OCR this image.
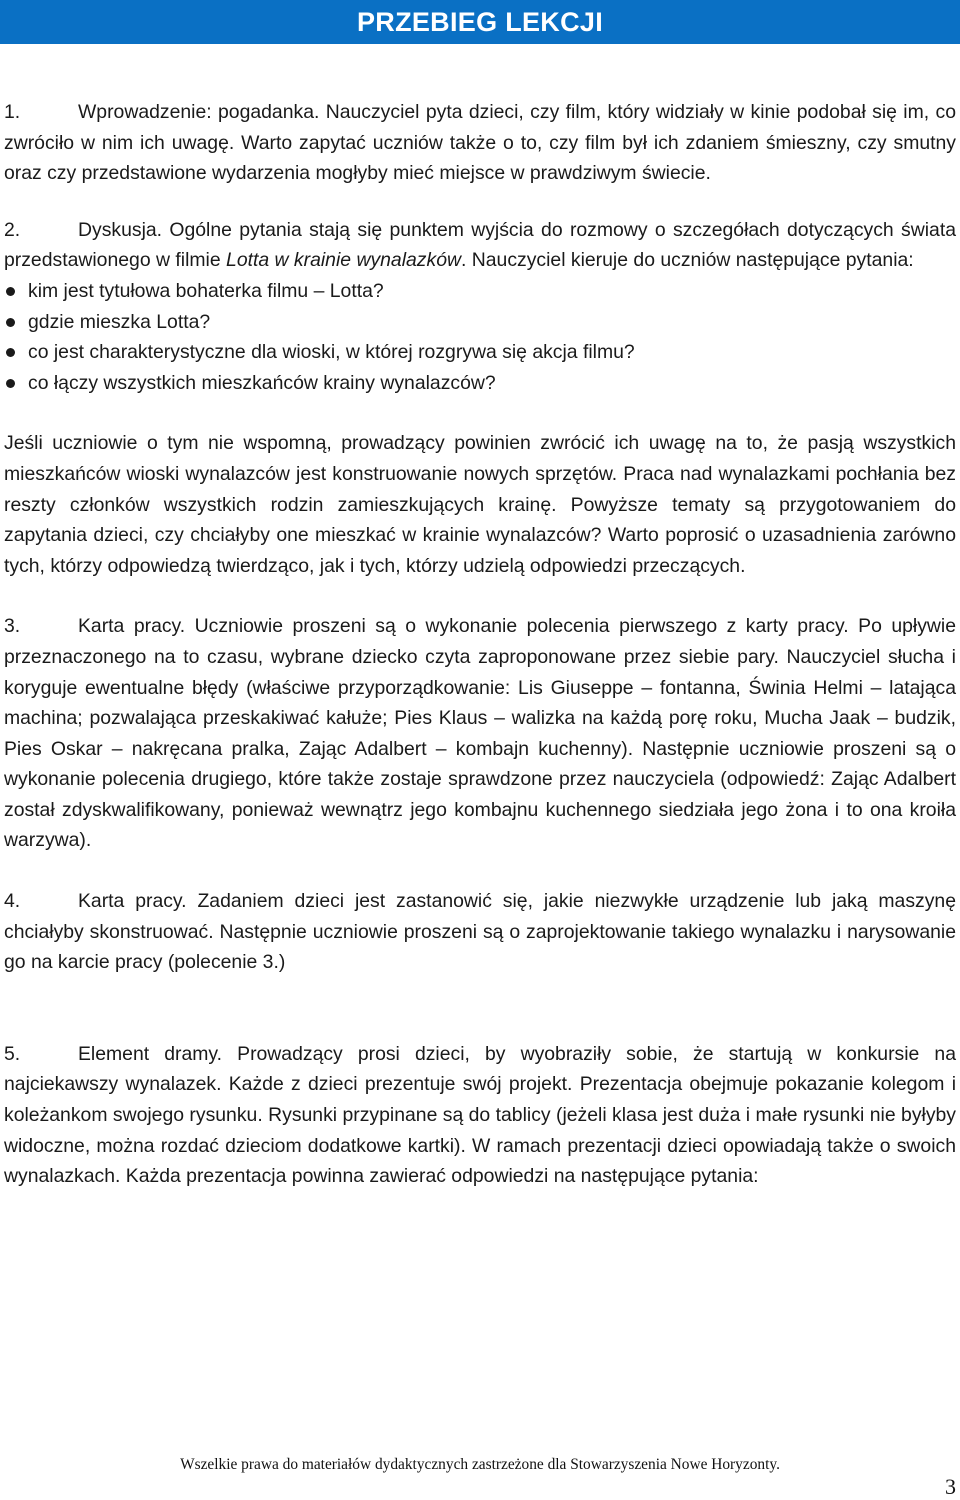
PRZEBIEG LEKCJI

1.	Wprowadzenie: pogadanka. Nauczyciel pyta dzieci, czy film, który widziały w kinie podobał się im, co zwróciło w nim ich uwagę. Warto zapytać uczniów także o to, czy film był ich zdaniem śmieszny, czy smutny oraz czy przedstawione wydarzenia mogłyby mieć miejsce w prawdziwym świecie.

2.	Dyskusja. Ogólne pytania stają się punktem wyjścia do rozmowy o szczegółach dotyczących świata przedstawionego w filmie Lotta w krainie wynalazków. Nauczyciel kieruje do uczniów następujące pytania:

kim jest tytułowa bohaterka filmu – Lotta?
gdzie mieszka Lotta?
co jest charakterystyczne dla wioski, w której rozgrywa się akcja filmu?
co łączy wszystkich mieszkańców krainy wynalazców?

Jeśli uczniowie o tym nie wspomną, prowadzący powinien zwrócić ich uwagę na to, że pasją wszystkich mieszkańców wioski wynalazców jest konstruowanie nowych sprzętów. Praca nad wynalazkami pochłania bez reszty członków wszystkich rodzin zamieszkujących krainę. Powyższe tematy są przygotowaniem do zapytania dzieci, czy chciałyby one mieszkać w krainie wynalazców? Warto poprosić o uzasadnienia zarówno tych, którzy odpowiedzą twierdząco, jak i tych, którzy udzielą odpowiedzi przeczących.

3.	Karta pracy. Uczniowie proszeni są o wykonanie polecenia pierwszego z karty pracy. Po upływie przeznaczonego na to czasu, wybrane dziecko czyta zaproponowane przez siebie pary. Nauczyciel słucha i koryguje ewentualne błędy (właściwe przyporządkowanie: Lis Giuseppe – fontanna, Świnia Helmi – latająca machina; pozwalająca przeskakiwać kałuże; Pies Klaus – walizka na każdą porę roku, Mucha Jaak – budzik, Pies Oskar – nakręcana pralka, Zając Adalbert – kombajn kuchenny). Następnie uczniowie proszeni są o wykonanie polecenia drugiego, które także zostaje sprawdzone przez nauczyciela (odpowiedź: Zając Adalbert został zdyskwalifikowany, ponieważ wewnątrz jego kombajnu kuchennego siedziała jego żona i to ona kroiła warzywa).

4.	Karta pracy. Zadaniem dzieci jest zastanowić się, jakie niezwykłe urządzenie lub jaką maszynę chciałyby skonstruować. Następnie uczniowie proszeni są o zaprojektowanie takiego wynalazku i narysowanie go na karcie pracy (polecenie 3.)

5.	Element dramy. Prowadzący prosi dzieci, by wyobraziły sobie, że startują w konkursie na najciekawszy wynalazek. Każde z dzieci prezentuje swój projekt. Prezentacja obejmuje pokazanie kolegom i koleżankom swojego rysunku. Rysunki przypinane są do tablicy (jeżeli klasa jest duża i małe rysunki nie byłyby widoczne, można rozdać dzieciom dodatkowe kartki). W ramach prezentacji dzieci opowiadają także o swoich wynalazkach. Każda prezentacja powinna zawierać odpowiedzi na następujące pytania:

Wszelkie prawa do materiałów dydaktycznych zastrzeżone dla Stowarzyszenia Nowe Horyzonty.
3
